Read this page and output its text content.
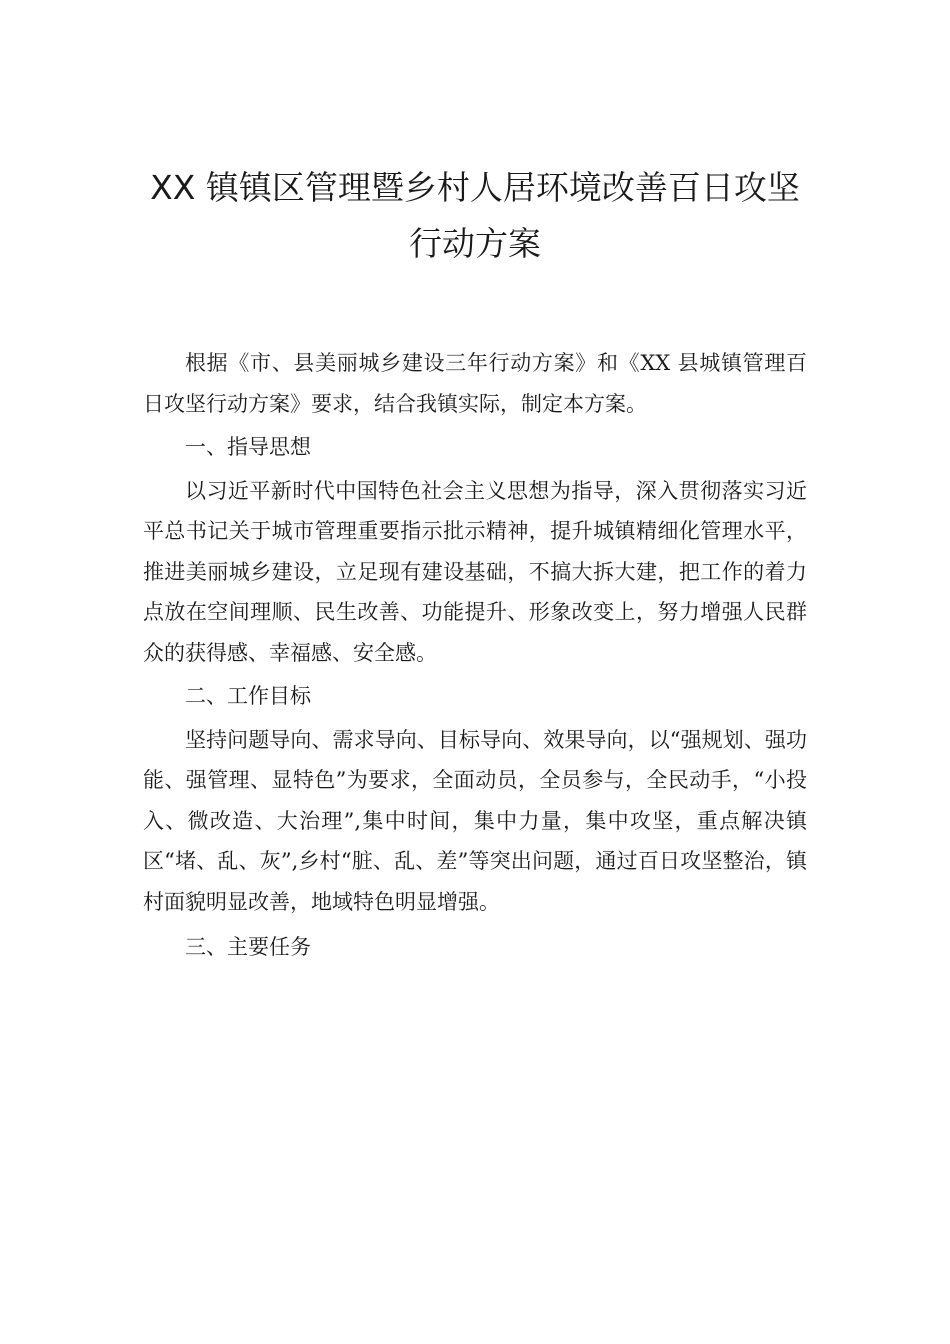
XX 镇镇区管理暨乡村人居环境改善百日攻坚
行动方案

根据《市、县美丽城乡建设三年行动方案》和《XX 县城镇管理百日攻坚行动方案》要求，结合我镇实际，制定本方案。

一、指导思想

以习近平新时代中国特色社会主义思想为指导，深入贯彻落实习近平总书记关于城市管理重要指示批示精神，提升城镇精细化管理水平，推进美丽城乡建设，立足现有建设基础，不搞大拆大建，把工作的着力点放在空间理顺、民生改善、功能提升、形象改变上，努力增强人民群众的获得感、幸福感、安全感。

二、工作目标

坚持问题导向、需求导向、目标导向、效果导向，以“强规划、强功能、强管理、显特色”为要求，全面动员，全员参与，全民动手，“小投入、微改造、大治理”,集中时间，集中力量，集中攻坚，重点解决镇区“堵、乱、灰”,乡村“脏、乱、差”等突出问题，通过百日攻坚整治，镇村面貌明显改善，地域特色明显增强。

三、主要任务
